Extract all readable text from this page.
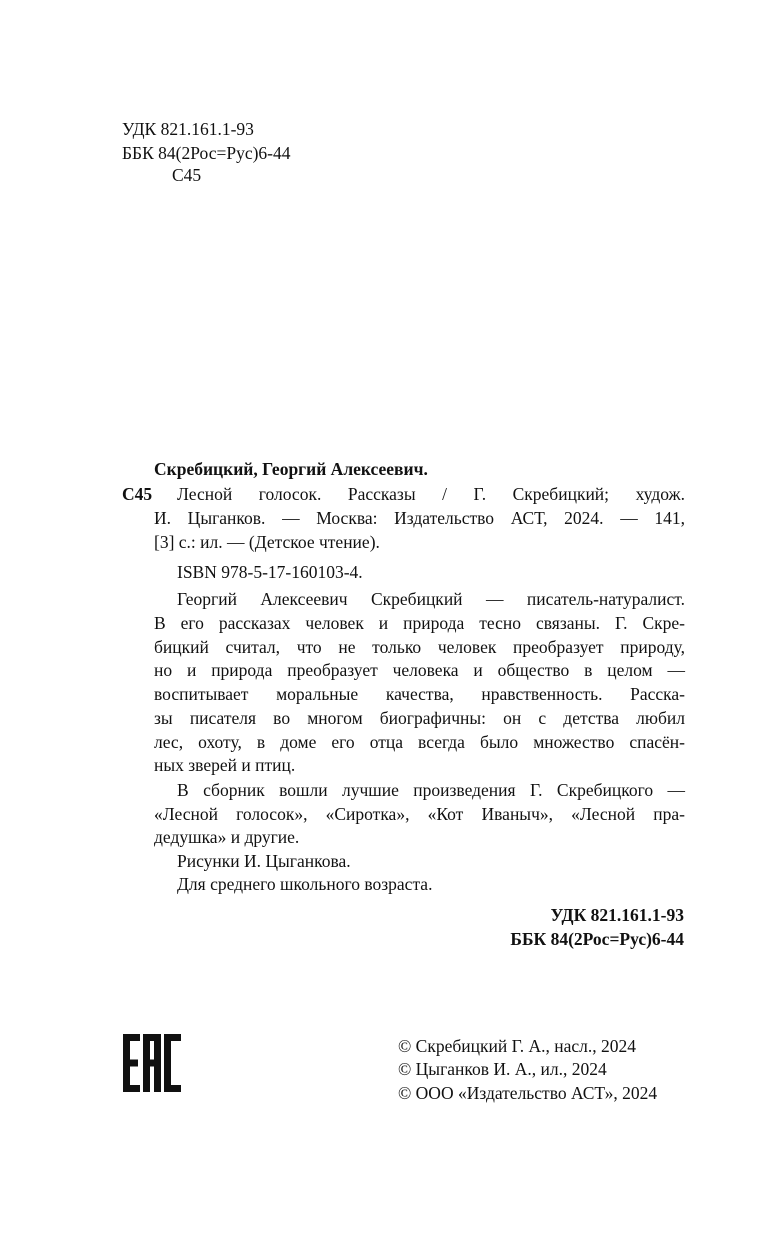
УДК 821.161.1-93
ББК 84(2Рос=Рус)6-44
С45
Скребицкий, Георгий Алексеевич.
С45 Лесной голосок. Рассказы / Г. Скребицкий; худож.
И. Цыганков. — Москва: Издательство АСТ, 2024. — 141,
[3] с.: ил. — (Детское чтение).
ISBN 978-5-17-160103-4.
Георгий Алексеевич Скребицкий — писатель-натуралист.
В его рассказах человек и природа тесно связаны. Г. Скре-
бицкий считал, что не только человек преобразует природу,
но и природа преобразует человека и общество в целом —
воспитывает моральные качества, нравственность. Расска-
зы писателя во многом биографичны: он с детства любил
лес, охоту, в доме его отца всегда было множество спасён-
ных зверей и птиц.
В сборник вошли лучшие произведения Г. Скребицкого —
«Лесной голосок», «Сиротка», «Кот Иваныч», «Лесной пра-
дедушка» и другие.
Рисунки И. Цыганкова.
Для среднего школьного возраста.
УДК 821.161.1-93
ББК 84(2Рос=Рус)6-44
© Скребицкий Г. А., насл., 2024
© Цыганков И. А., ил., 2024
© ООО «Издательство АСТ», 2024
